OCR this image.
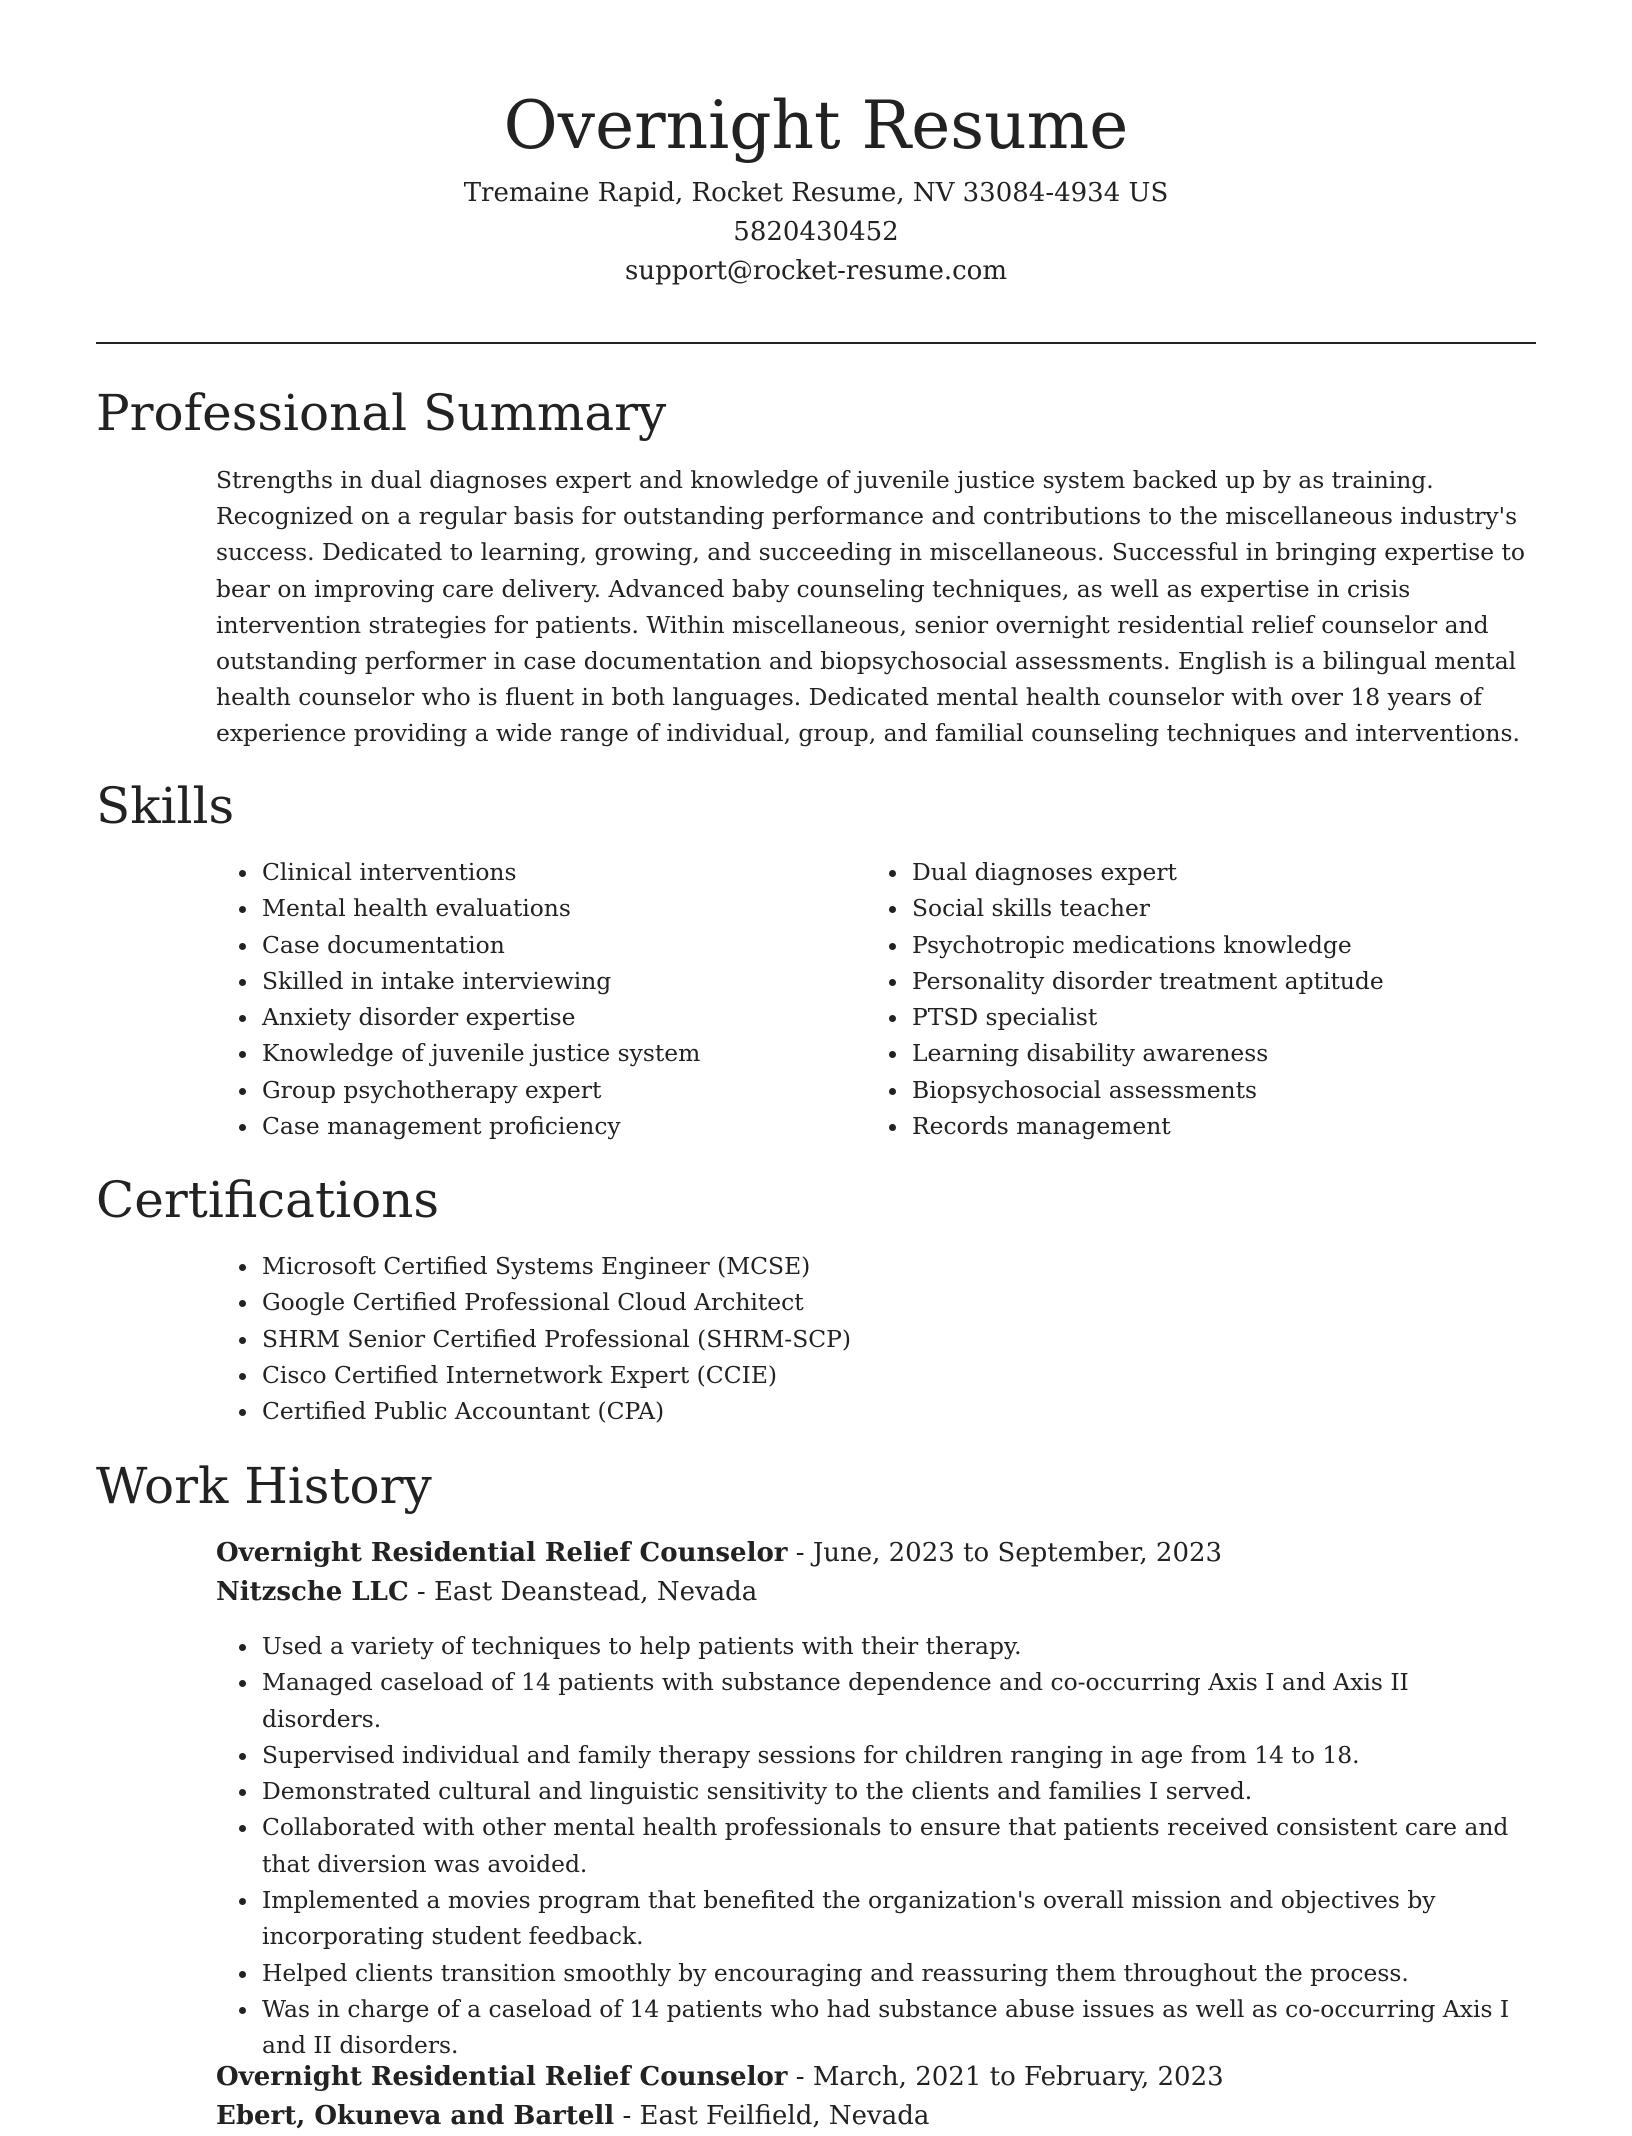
Overnight Resume
Tremaine Rapid, Rocket Resume, NV 33084-4934 US
5820430452
support@rocket-resume.com
Professional Summary

Strengths in dual diagnoses expert and knowledge of juvenile justice system backed up by as training. Recognized on a regular basis for outstanding performance and contributions to the miscellaneous industry's success. Dedicated to learning, growing, and succeeding in miscellaneous. Successful in bringing expertise to bear on improving care delivery. Advanced baby counseling techniques, as well as expertise in crisis intervention strategies for patients. Within miscellaneous, senior overnight residential relief counselor and outstanding performer in case documentation and biopsychosocial assessments. English is a bilingual mental health counselor who is fluent in both languages. Dedicated mental health counselor with over 18 years of experience providing a wide range of individual, group, and familial counseling techniques and interventions.

Skills
• Clinical interventions
• Mental health evaluations
• Case documentation
• Skilled in intake interviewing
• Anxiety disorder expertise
• Knowledge of juvenile justice system
• Group psychotherapy expert
• Case management proficiency
• Dual diagnoses expert
• Social skills teacher
• Psychotropic medications knowledge
• Personality disorder treatment aptitude
• PTSD specialist
• Learning disability awareness
• Biopsychosocial assessments
• Records management
Certifications
• Microsoft Certified Systems Engineer (MCSE)
• Google Certified Professional Cloud Architect
• SHRM Senior Certified Professional (SHRM-SCP)
• Cisco Certified Internetwork Expert (CCIE)
• Certified Public Accountant (CPA)
Work History
Overnight Residential Relief Counselor - June, 2023 to September, 2023
Nitzsche LLC - East Deanstead, Nevada
• Used a variety of techniques to help patients with their therapy.
• Managed caseload of 14 patients with substance dependence and co-occurring Axis I and Axis II disorders.
• Supervised individual and family therapy sessions for children ranging in age from 14 to 18.
• Demonstrated cultural and linguistic sensitivity to the clients and families I served.
• Collaborated with other mental health professionals to ensure that patients received consistent care and that diversion was avoided.
• Implemented a movies program that benefited the organization's overall mission and objectives by incorporating student feedback.
• Helped clients transition smoothly by encouraging and reassuring them throughout the process.
• Was in charge of a caseload of 14 patients who had substance abuse issues as well as co-occurring Axis I and II disorders.
Overnight Residential Relief Counselor - March, 2021 to February, 2023
Ebert, Okuneva and Bartell - East Feilfield, Nevada
